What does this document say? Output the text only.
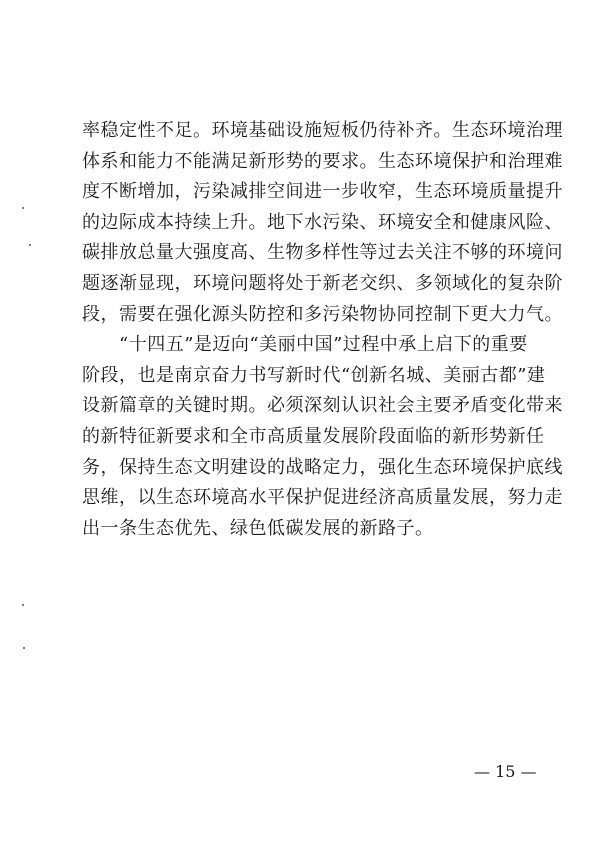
率稳定性不足。环境基础设施短板仍待补齐。生态环境治理
体系和能力不能满足新形势的要求。生态环境保护和治理难
度不断增加，污染减排空间进一步收窄，生态环境质量提升
的边际成本持续上升。地下水污染、环境安全和健康风险、
碳排放总量大强度高、生物多样性等过去关注不够的环境问
题逐渐显现，环境问题将处于新老交织、多领域化的复杂阶
段，需要在强化源头防控和多污染物协同控制下更大力气。
　　“十四五”是迈向“美丽中国”过程中承上启下的重要
阶段，也是南京奋力书写新时代“创新名城、美丽古都”建
设新篇章的关键时期。必须深刻认识社会主要矛盾变化带来
的新特征新要求和全市高质量发展阶段面临的新形势新任
务，保持生态文明建设的战略定力，强化生态环境保护底线
思维，以生态环境高水平保护促进经济高质量发展，努力走
出一条生态优先、绿色低碳发展的新路子。
— 15 —
